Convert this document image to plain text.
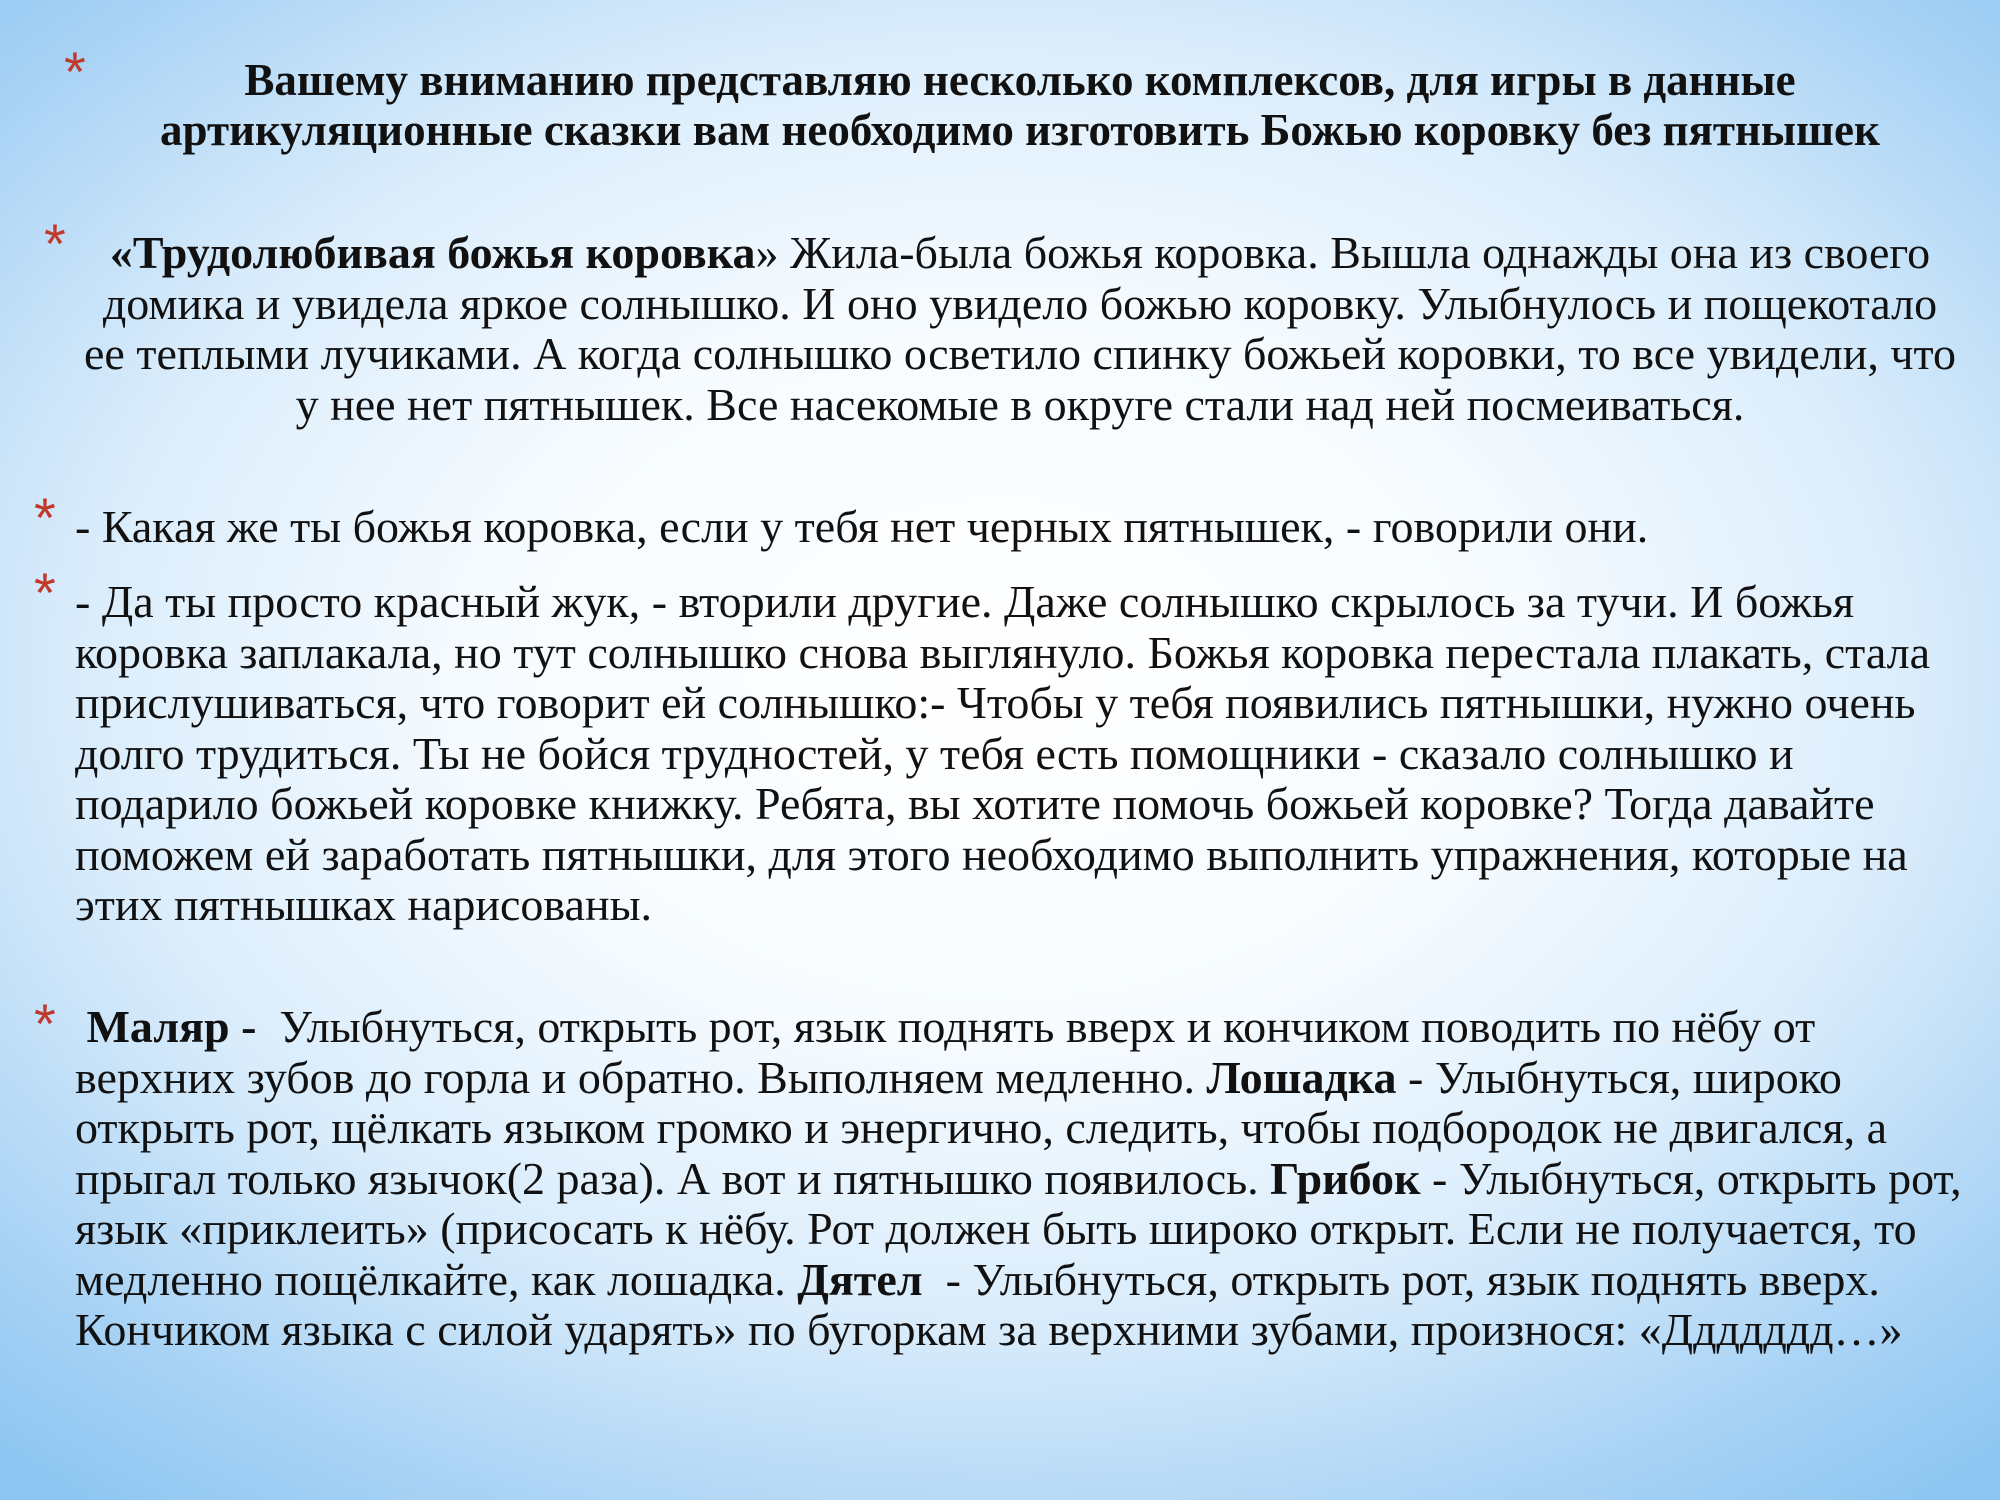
*	Вашему вниманию представляю несколько комплексов, для игры в данные артикуляционные сказки вам необходимо изготовить Божью коровку без пятнышек

* «Трудолюбивая божья коровка» Жила-была божья коровка. Вышла однажды она из своего домика и увидела яркое солнышко. И оно увидело божью коровку. Улыбнулось и пощекотало ее теплыми лучиками. А когда солнышко осветило спинку божьей коровки, то все увидели, что у нее нет пятнышек. Все насекомые в округе стали над ней посмеиваться.

* - Какая же ты божья коровка, если у тебя нет черных пятнышек, - говорили они.

* - Да ты просто красный жук, - вторили другие. Даже солнышко скрылось за тучи. И божья коровка заплакала, но тут солнышко снова выглянуло. Божья коровка перестала плакать, стала прислушиваться, что говорит ей солнышко:- Чтобы у тебя появились пятнышки, нужно очень долго трудиться. Ты не бойся трудностей, у тебя есть помощники - сказало солнышко и подарило божьей коровке книжку. Ребята, вы хотите помочь божьей коровке? Тогда давайте поможем ей заработать пятнышки, для этого необходимо выполнить упражнения, которые на этих пятнышках нарисованы.

* Маляр - Улыбнуться, открыть рот, язык поднять вверх и кончиком поводить по нёбу от верхних зубов до горла и обратно. Выполняем медленно. Лошадка - Улыбнуться, широко открыть рот, щёлкать языком громко и энергично, следить, чтобы подбородок не двигался, а прыгал только язычок(2 раза). А вот и пятнышко появилось. Грибок - Улыбнуться, открыть рот, язык «приклеить» (присосать к нёбу. Рот должен быть широко открыт. Если не получается, то медленно пощёлкайте, как лошадка. Дятел - Улыбнуться, открыть рот, язык поднять вверх. Кончиком языка с силой ударять» по бугоркам за верхними зубами, произнося: «Ддддддд…»
